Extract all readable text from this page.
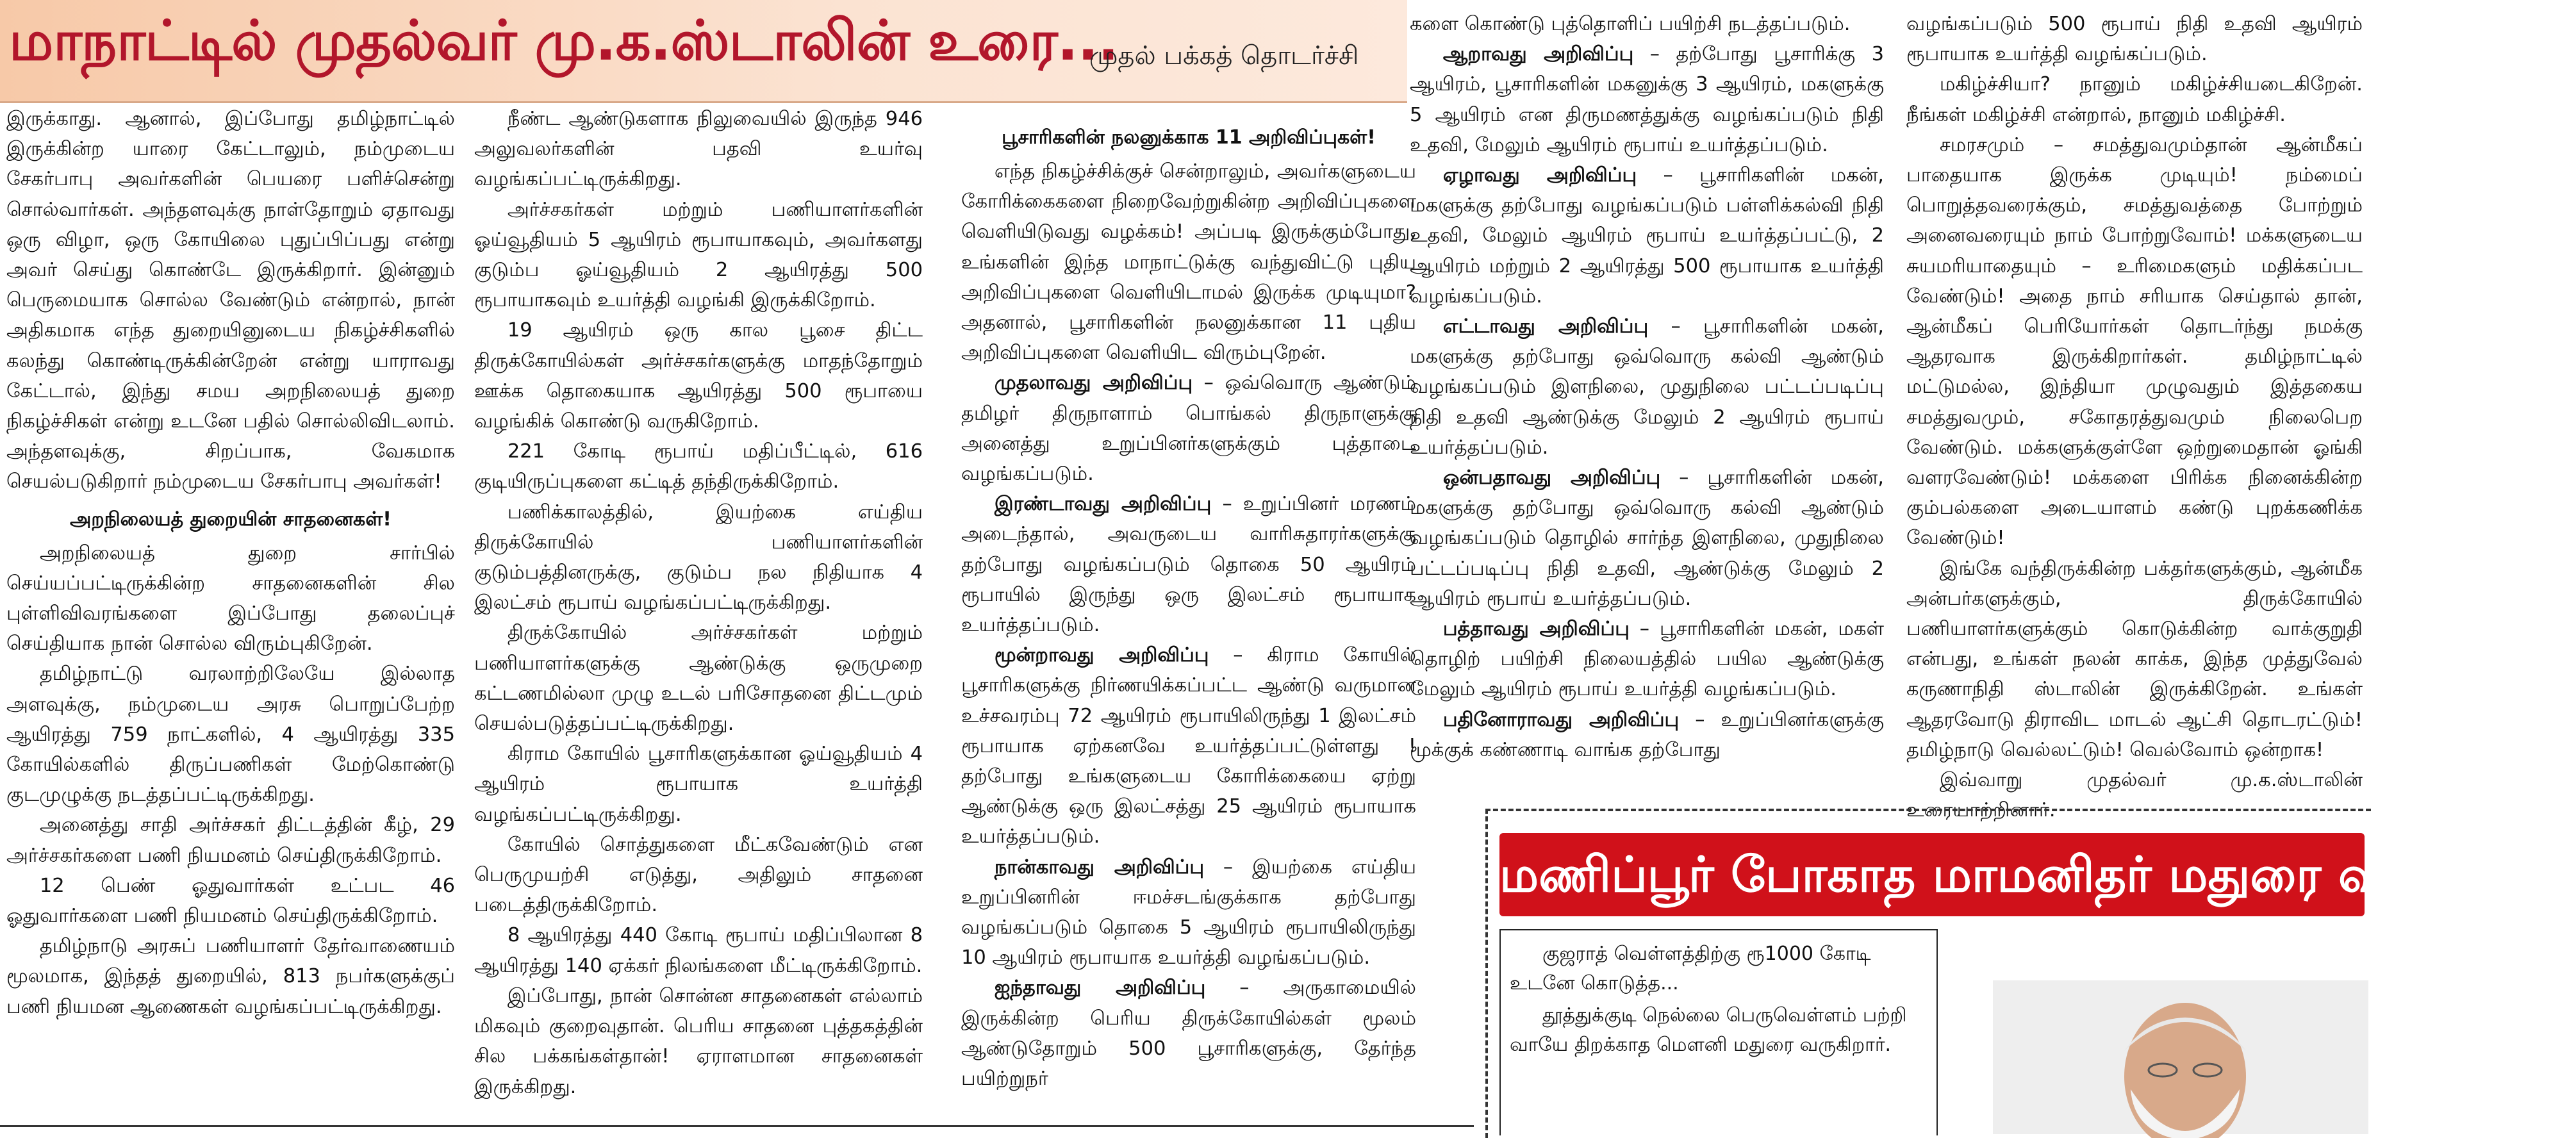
மாநாட்டில் முதல்வர் மு.க.ஸ்டாலின் உரை...
முதல் பக்கத் தொடர்ச்சி

இருக்காது. ஆனால், இப்போது தமிழ்நாட்டில் இருக்கின்ற யாரை கேட்டாலும், நம்முடைய சேகர்பாபு அவர்களின் பெயரை பளிச்சென்று சொல்வார்கள். அந்தளவுக்கு நாள்தோறும் ஏதாவது ஒரு விழா, ஒரு கோயிலை புதுப்பிப்பது என்று அவர் செய்து கொண்டே இருக்கிறார். இன்னும் பெருமையாக சொல்ல வேண்டும் என்றால், நான் அதிகமாக எந்த துறையினுடைய நிகழ்ச்சிகளில் கலந்து கொண்டிருக்கின்றேன் என்று யாராவது கேட்டால், இந்து சமய அறநிலையத் துறை நிகழ்ச்சிகள் என்று உடனே பதில் சொல்லிவிடலாம். அந்தளவுக்கு, சிறப்பாக, வேகமாக செயல்படுகிறார் நம்முடைய சேகர்பாபு அவர்கள்!

அறநிலையத் துறையின் சாதனைகள்!

அறநிலையத் துறை சார்பில் செய்யப்பட்டிருக்கின்ற சாதனைகளின் சில புள்ளிவிவரங்களை இப்போது தலைப்புச் செய்தியாக நான் சொல்ல விரும்புகிறேன்.

தமிழ்நாட்டு வரலாற்றிலேயே இல்லாத அளவுக்கு, நம்முடைய அரசு பொறுப்பேற்ற ஆயிரத்து 759 நாட்களில், 4 ஆயிரத்து 335 கோயில்களில் திருப்பணிகள் மேற்கொண்டு குடமுழுக்கு நடத்தப்பட்டிருக்கிறது.

அனைத்து சாதி அர்ச்சகர் திட்டத்தின் கீழ், 29 அர்ச்சகர்களை பணி நியமனம் செய்திருக்கிறோம்.

12 பெண் ஓதுவார்கள் உட்பட 46 ஓதுவார்களை பணி நியமனம் செய்திருக்கிறோம்.

தமிழ்நாடு அரசுப் பணியாளர் தேர்வாணையம் மூலமாக, இந்தத் துறையில், 813 நபர்களுக்குப் பணி நியமன ஆணைகள் வழங்கப்பட்டிருக்கிறது.

நீண்ட ஆண்டுகளாக நிலுவையில் இருந்த 946 அலுவலர்களின் பதவி உயர்வு வழங்கப்பட்டிருக்கிறது.

அர்ச்சகர்கள் மற்றும் பணியாளர்களின் ஓய்வூதியம் 5 ஆயிரம் ரூபாயாகவும், அவர்களது குடும்ப ஓய்வூதியம் 2 ஆயிரத்து 500 ரூபாயாகவும் உயர்த்தி வழங்கி இருக்கிறோம்.

19 ஆயிரம் ஒரு கால பூசை திட்ட திருக்கோயில்கள் அர்ச்சகர்களுக்கு மாதந்தோறும் ஊக்க தொகையாக ஆயிரத்து 500 ரூபாயை வழங்கிக் கொண்டு வருகிறோம்.

221 கோடி ரூபாய் மதிப்பீட்டில், 616 குடியிருப்புகளை கட்டித் தந்திருக்கிறோம்.

பணிக்காலத்தில், இயற்கை எய்திய திருக்கோயில் பணியாளர்களின் குடும்பத்தினருக்கு, குடும்ப நல நிதியாக 4 இலட்சம் ரூபாய் வழங்கப்பட்டிருக்கிறது.

திருக்கோயில் அர்ச்சகர்கள் மற்றும் பணியாளர்களுக்கு ஆண்டுக்கு ஒருமுறை கட்டணமில்லா முழு உடல் பரிசோதனை திட்டமும் செயல்படுத்தப்பட்டிருக்கிறது.

கிராம கோயில் பூசாரிகளுக்கான ஓய்வூதியம் 4 ஆயிரம் ரூபாயாக உயர்த்தி வழங்கப்பட்டிருக்கிறது.

கோயில் சொத்துகளை மீட்கவேண்டும் என பெருமுயற்சி எடுத்து, அதிலும் சாதனை படைத்திருக்கிறோம்.

8 ஆயிரத்து 440 கோடி ரூபாய் மதிப்பிலான 8 ஆயிரத்து 140 ஏக்கர் நிலங்களை மீட்டிருக்கிறோம்.

இப்போது, நான் சொன்ன சாதனைகள் எல்லாம் மிகவும் குறைவுதான். பெரிய சாதனை புத்தகத்தின் சில பக்கங்கள்தான்! ஏராளமான சாதனைகள் இருக்கிறது.

பூசாரிகளின் நலனுக்காக 11 அறிவிப்புகள்!

எந்த நிகழ்ச்சிக்குச் சென்றாலும், அவர்களுடைய கோரிக்கைகளை நிறைவேற்றுகின்ற அறிவிப்புகளை வெளியிடுவது வழக்கம்! அப்படி இருக்கும்போது, உங்களின் இந்த மாநாட்டுக்கு வந்துவிட்டு புதிய அறிவிப்புகளை வெளியிடாமல் இருக்க முடியுமா? அதனால், பூசாரிகளின் நலனுக்கான 11 புதிய அறிவிப்புகளை வெளியிட விரும்புறேன்.

முதலாவது அறிவிப்பு – ஒவ்வொரு ஆண்டும் தமிழர் திருநாளாம் பொங்கல் திருநாளுக்கு அனைத்து உறுப்பினர்களுக்கும் புத்தாடை வழங்கப்படும்.

இரண்டாவது அறிவிப்பு – உறுப்பினர் மரணம் அடைந்தால், அவருடைய வாரிசுதாரர்களுக்கு தற்போது வழங்கப்படும் தொகை 50 ஆயிரம் ரூபாயில் இருந்து ஒரு இலட்சம் ரூபாயாக உயர்த்தப்படும்.

மூன்றாவது அறிவிப்பு – கிராம கோயில் பூசாரிகளுக்கு நிர்ணயிக்கப்பட்ட ஆண்டு வருமான உச்சவரம்பு 72 ஆயிரம் ரூபாயிலிருந்து 1 இலட்சம் ரூபாயாக ஏற்கனவே உயர்த்தப்பட்டுள்ளது ! தற்போது உங்களுடைய கோரிக்கையை ஏற்று ஆண்டுக்கு ஒரு இலட்சத்து 25 ஆயிரம் ரூபாயாக உயர்த்தப்படும்.

நான்காவது அறிவிப்பு – இயற்கை எய்திய உறுப்பினரின் ஈமச்சடங்குக்காக தற்போது வழங்கப்படும் தொகை 5 ஆயிரம் ரூபாயிலிருந்து 10 ஆயிரம் ரூபாயாக உயர்த்தி வழங்கப்படும்.

ஐந்தாவது அறிவிப்பு – அருகாமையில் இருக்கின்ற பெரிய திருக்கோயில்கள் மூலம் ஆண்டுதோறும் 500 பூசாரிகளுக்கு, தேர்ந்த பயிற்றுநர்

களை கொண்டு புத்தொளிப் பயிற்சி நடத்தப்படும்.

ஆறாவது அறிவிப்பு – தற்போது பூசாரிக்கு 3 ஆயிரம், பூசாரிகளின் மகனுக்கு 3 ஆயிரம், மகளுக்கு 5 ஆயிரம் என திருமணத்துக்கு வழங்கப்படும் நிதி உதவி, மேலும் ஆயிரம் ரூபாய் உயர்த்தப்படும்.

ஏழாவது அறிவிப்பு – பூசாரிகளின் மகன், மகளுக்கு தற்போது வழங்கப்படும் பள்ளிக்கல்வி நிதி உதவி, மேலும் ஆயிரம் ரூபாய் உயர்த்தப்பட்டு, 2 ஆயிரம் மற்றும் 2 ஆயிரத்து 500 ரூபாயாக உயர்த்தி வழங்கப்படும்.

எட்டாவது அறிவிப்பு – பூசாரிகளின் மகன், மகளுக்கு தற்போது ஒவ்வொரு கல்வி ஆண்டும் வழங்கப்படும் இளநிலை, முதுநிலை பட்டப்படிப்பு நிதி உதவி ஆண்டுக்கு மேலும் 2 ஆயிரம் ரூபாய் உயர்த்தப்படும்.

ஒன்பதாவது அறிவிப்பு – பூசாரிகளின் மகன், மகளுக்கு தற்போது ஒவ்வொரு கல்வி ஆண்டும் வழங்கப்படும் தொழில் சார்ந்த இளநிலை, முதுநிலை பட்டப்படிப்பு நிதி உதவி, ஆண்டுக்கு மேலும் 2 ஆயிரம் ரூபாய் உயர்த்தப்படும்.

பத்தாவது அறிவிப்பு – பூசாரிகளின் மகன், மகள் தொழிற் பயிற்சி நிலையத்தில் பயில ஆண்டுக்கு மேலும் ஆயிரம் ரூபாய் உயர்த்தி வழங்கப்படும்.

பதினோராவது அறிவிப்பு – உறுப்பினர்களுக்கு மூக்குக் கண்ணாடி வாங்க தற்போது

வழங்கப்படும் 500 ரூபாய் நிதி உதவி ஆயிரம் ரூபாயாக உயர்த்தி வழங்கப்படும்.

மகிழ்ச்சியா? நானும் மகிழ்ச்சியடைகிறேன். நீங்கள் மகிழ்ச்சி என்றால், நானும் மகிழ்ச்சி.

சமரசமும் – சமத்துவமும்தான் ஆன்மீகப் பாதையாக இருக்க முடியும்! நம்மைப் பொறுத்தவரைக்கும், சமத்துவத்தை போற்றும் அனைவரையும் நாம் போற்றுவோம்! மக்களுடைய சுயமரியாதையும் – உரிமைகளும் மதிக்கப்பட வேண்டும்! அதை நாம் சரியாக செய்தால் தான், ஆன்மீகப் பெரியோர்கள் தொடர்ந்து நமக்கு ஆதரவாக இருக்கிறார்கள். தமிழ்நாட்டில் மட்டுமல்ல, இந்தியா முழுவதும் இத்தகைய சமத்துவமும், சகோதரத்துவமும் நிலைபெற வேண்டும். மக்களுக்குள்ளே ஒற்றுமைதான் ஓங்கி வளரவேண்டும்! மக்களை பிரிக்க நினைக்கின்ற கும்பல்களை அடையாளம் கண்டு புறக்கணிக்க வேண்டும்!

இங்கே வந்திருக்கின்ற பக்தர்களுக்கும், ஆன்மீக அன்பர்களுக்கும், திருக்கோயில் பணியாளர்களுக்கும் கொடுக்கின்ற வாக்குறுதி என்பது, உங்கள் நலன் காக்க, இந்த முத்துவேல் கருணாநிதி ஸ்டாலின் இருக்கிறேன். உங்கள் ஆதரவோடு திராவிட மாடல் ஆட்சி தொடரட்டும்! தமிழ்நாடு வெல்லட்டும்! வெல்வோம் ஒன்றாக!

இவ்வாறு முதல்வர் மு.க.ஸ்டாலின் உரையாற்றினார்.

மணிப்பூர் போகாத மாமனிதர் மதுரை வருகிறார்!

குஜராத் வெள்ளத்திற்கு ரூ1000 கோடி உடனே கொடுத்த...

தூத்துக்குடி நெல்லை பெருவெள்ளம் பற்றி வாயே திறக்காத மௌனி மதுரை வருகிறார்.
